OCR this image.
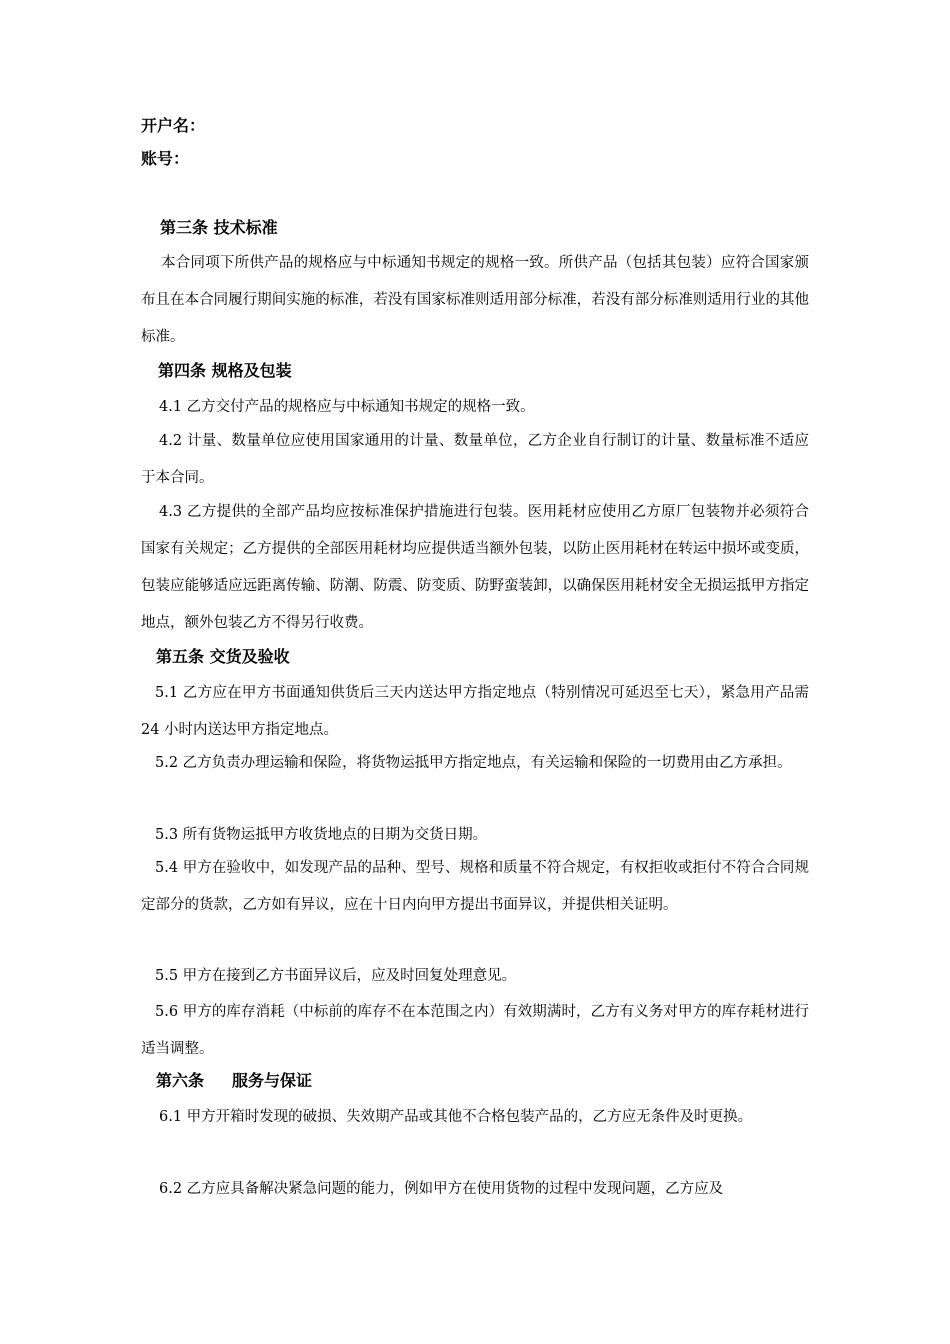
开户名：
账号：
第三条 技术标准

本合同项下所供产品的规格应与中标通知书规定的规格一致。所供产品（包括其包装）应符合国家颁布且在本合同履行期间实施的标准，若没有国家标准则适用部分标准，若没有部分标准则适用行业的其他标准。

第四条 规格及包装

4.1 乙方交付产品的规格应与中标通知书规定的规格一致。

4.2 计量、数量单位应使用国家通用的计量、数量单位，乙方企业自行制订的计量、数量标准不适应于本合同。

4.3 乙方提供的全部产品均应按标准保护措施进行包装。医用耗材应使用乙方原厂包装物并必须符合国家有关规定；乙方提供的全部医用耗材均应提供适当额外包装，以防止医用耗材在转运中损坏或变质，包装应能够适应远距离传输、防潮、防震、防变质、防野蛮装卸，以确保医用耗材安全无损运抵甲方指定地点，额外包装乙方不得另行收费。

第五条 交货及验收

5.1 乙方应在甲方书面通知供货后三天内送达甲方指定地点（特别情况可延迟至七天），紧急用产品需 24 小时内送达甲方指定地点。

5.2 乙方负责办理运输和保险，将货物运抵甲方指定地点，有关运输和保险的一切费用由乙方承担。

5.3 所有货物运抵甲方收货地点的日期为交货日期。

5.4 甲方在验收中，如发现产品的品种、型号、规格和质量不符合规定，有权拒收或拒付不符合合同规定部分的货款，乙方如有异议，应在十日内向甲方提出书面异议，并提供相关证明。

5.5 甲方在接到乙方书面异议后，应及时回复处理意见。

5.6 甲方的库存消耗（中标前的库存不在本范围之内）有效期满时，乙方有义务对甲方的库存耗材进行适当调整。

第六条 服务与保证

6.1 甲方开箱时发现的破损、失效期产品或其他不合格包装产品的，乙方应无条件及时更换。

6.2 乙方应具备解决紧急问题的能力，例如甲方在使用货物的过程中发现问题，乙方应及
